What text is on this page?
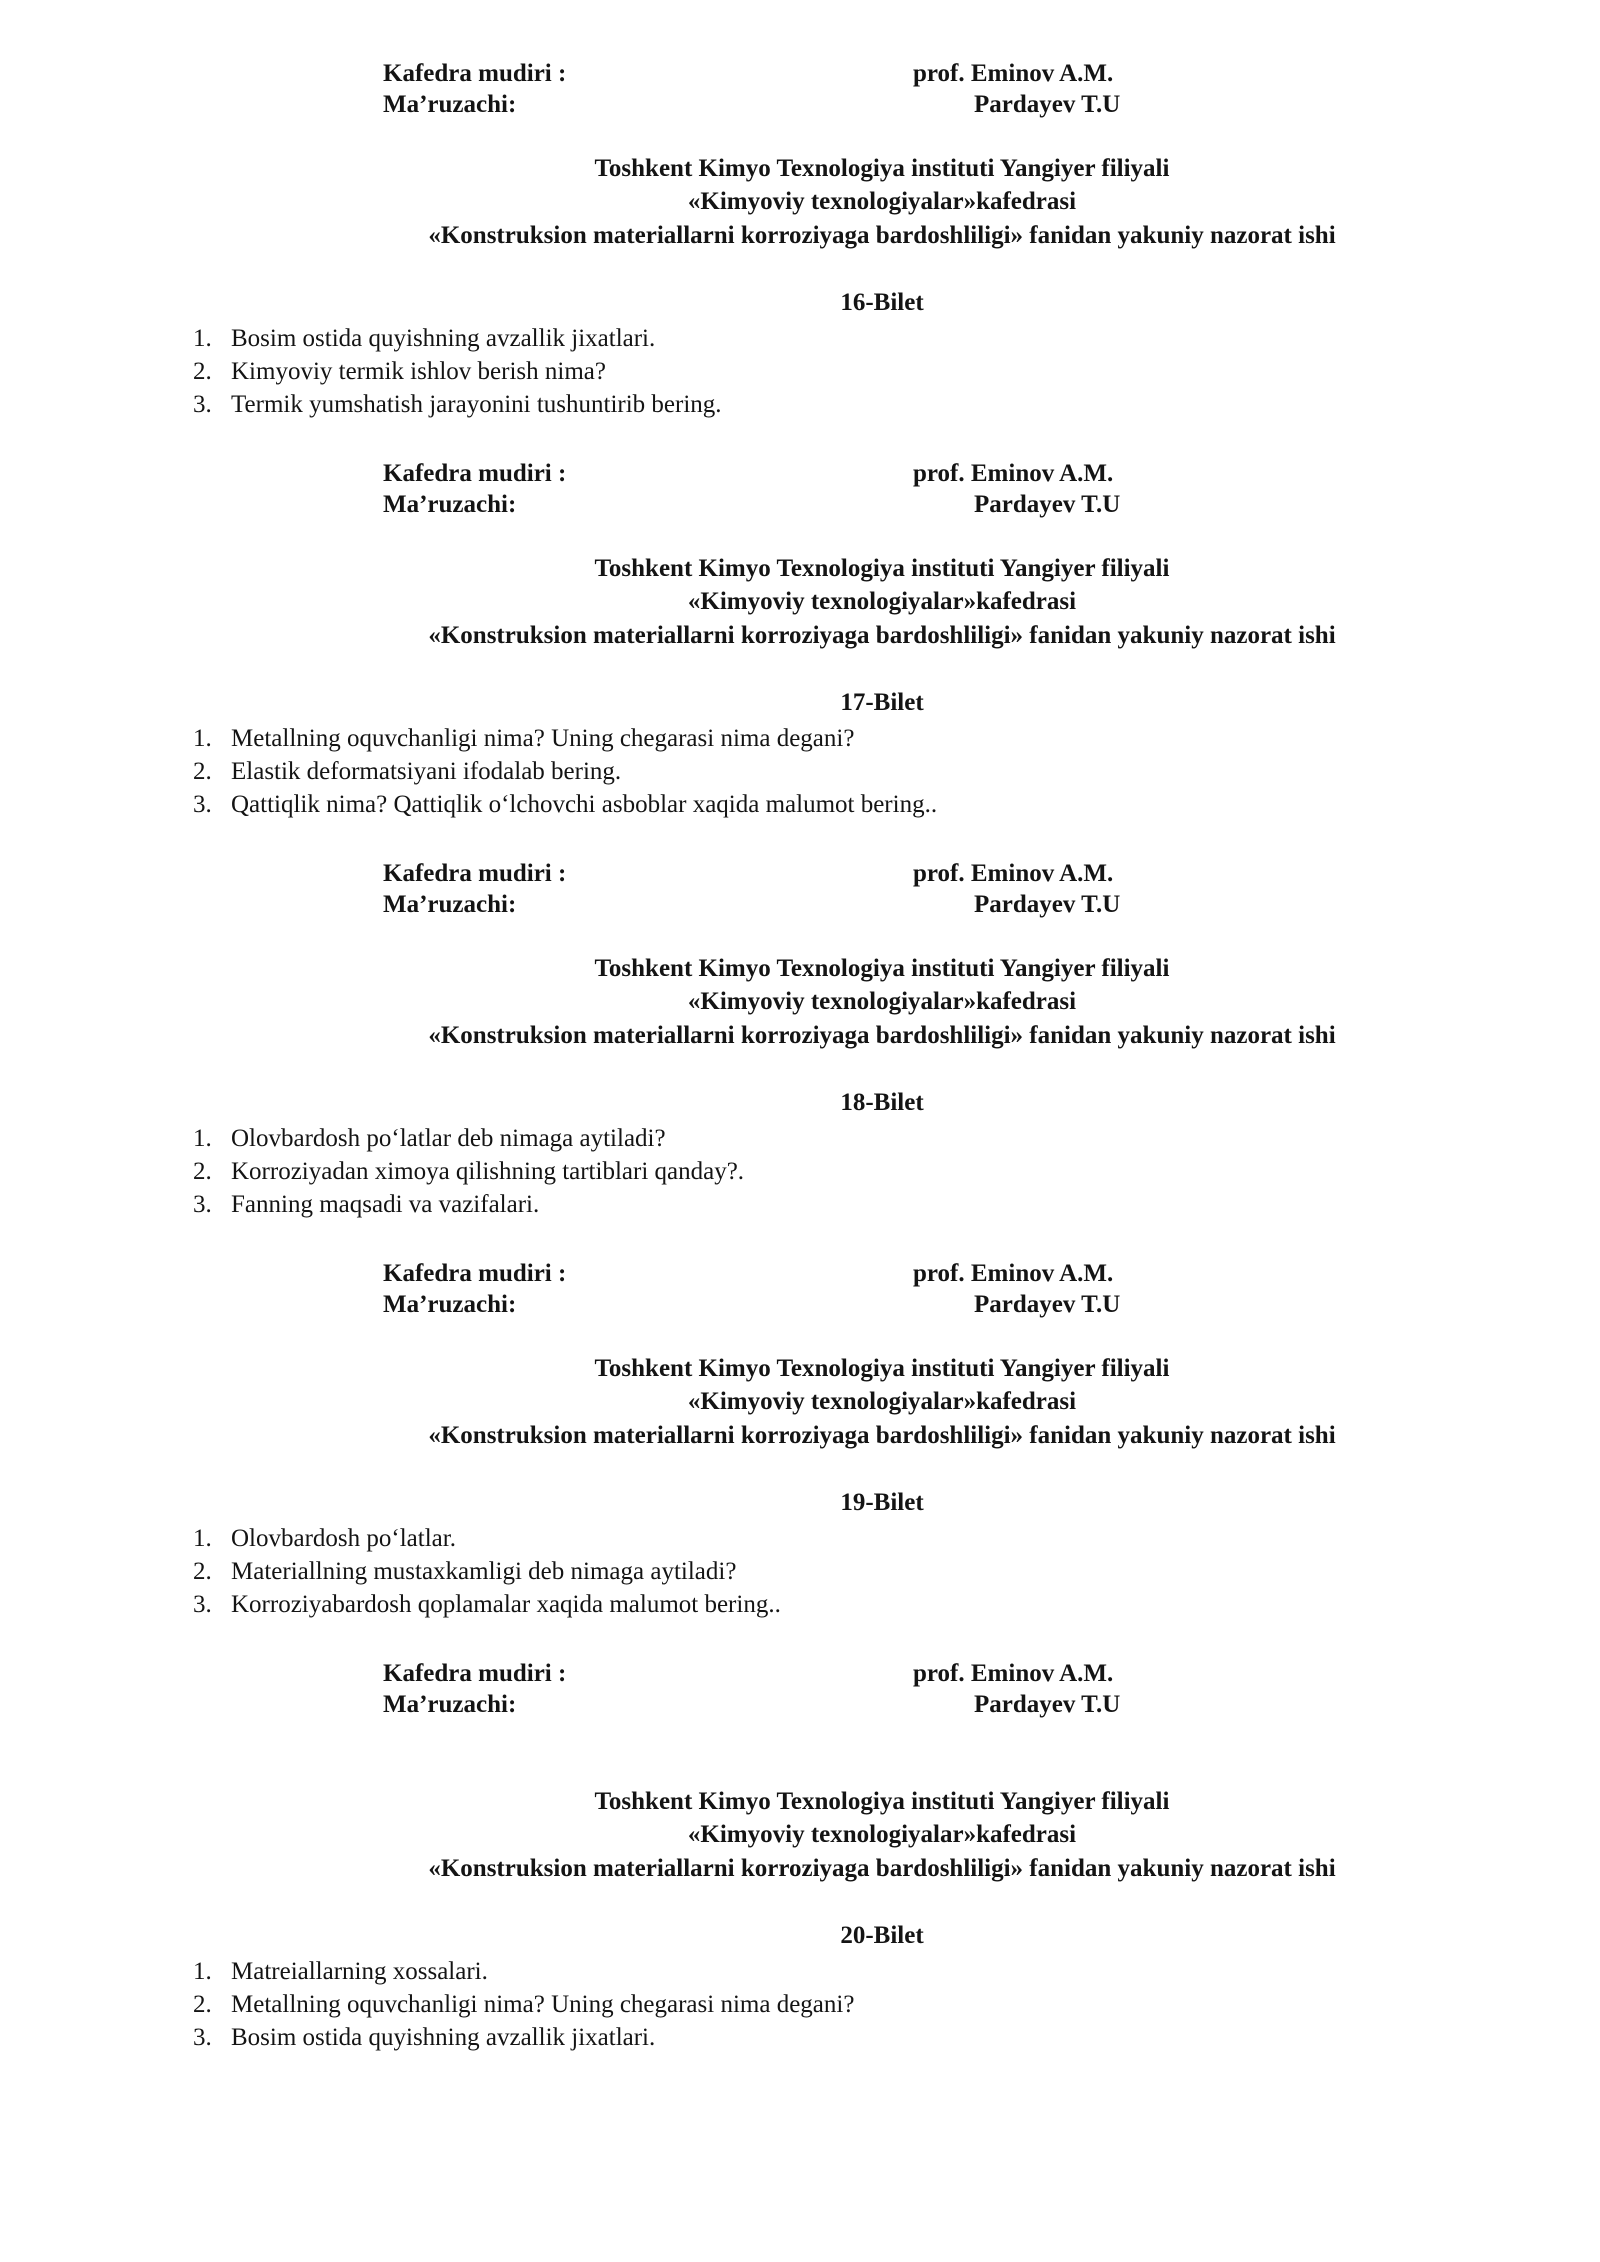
Kafedra mudiri :	prof. Eminov A.M.
Ma’ruzachi:	Pardayev T.U
Toshkent Kimyo Texnologiya instituti Yangiyer filiyali
«Kimyoviy texnologiyalar»kafedrasi
«Konstruksion materiallarni korroziyaga bardoshliligi» fanidan yakuniy nazorat ishi
16-Bilet
1. Bosim ostida quyishning avzallik jixatlari.
2. Kimyoviy termik ishlov berish nima?
3. Termik yumshatish jarayonini tushuntirib bering.
Kafedra mudiri :	prof. Eminov A.M.
Ma’ruzachi:	Pardayev T.U
Toshkent Kimyo Texnologiya instituti Yangiyer filiyali
«Kimyoviy texnologiyalar»kafedrasi
«Konstruksion materiallarni korroziyaga bardoshliligi» fanidan yakuniy nazorat ishi
17-Bilet
1. Metallning oquvchanligi nima? Uning chegarasi nima degani?
2. Elastik deformatsiyani ifodalab bering.
3. Qattiqlik nima? Qattiqlik o‘lchovchi asboblar xaqida malumot bering..
Kafedra mudiri :	prof. Eminov A.M.
Ma’ruzachi:	Pardayev T.U
Toshkent Kimyo Texnologiya instituti Yangiyer filiyali
«Kimyoviy texnologiyalar»kafedrasi
«Konstruksion materiallarni korroziyaga bardoshliligi» fanidan yakuniy nazorat ishi
18-Bilet
1. Olovbardosh po‘latlar deb nimaga aytiladi?
2. Korroziyadan ximoya qilishning tartiblari qanday?.
3. Fanning maqsadi va vazifalari.
Kafedra mudiri :	prof. Eminov A.M.
Ma’ruzachi:	Pardayev T.U
Toshkent Kimyo Texnologiya instituti Yangiyer filiyali
«Kimyoviy texnologiyalar»kafedrasi
«Konstruksion materiallarni korroziyaga bardoshliligi» fanidan yakuniy nazorat ishi
19-Bilet
1. Olovbardosh po‘latlar.
2. Materiallning mustaxkamligi deb nimaga aytiladi?
3. Korroziyabardosh qoplamalar xaqida malumot bering..
Kafedra mudiri :	prof. Eminov A.M.
Ma’ruzachi:	Pardayev T.U
Toshkent Kimyo Texnologiya instituti Yangiyer filiyali
«Kimyoviy texnologiyalar»kafedrasi
«Konstruksion materiallarni korroziyaga bardoshliligi» fanidan yakuniy nazorat ishi
20-Bilet
1. Matreiallarning xossalari.
2. Metallning oquvchanligi nima? Uning chegarasi nima degani?
3. Bosim ostida quyishning avzallik jixatlari.
